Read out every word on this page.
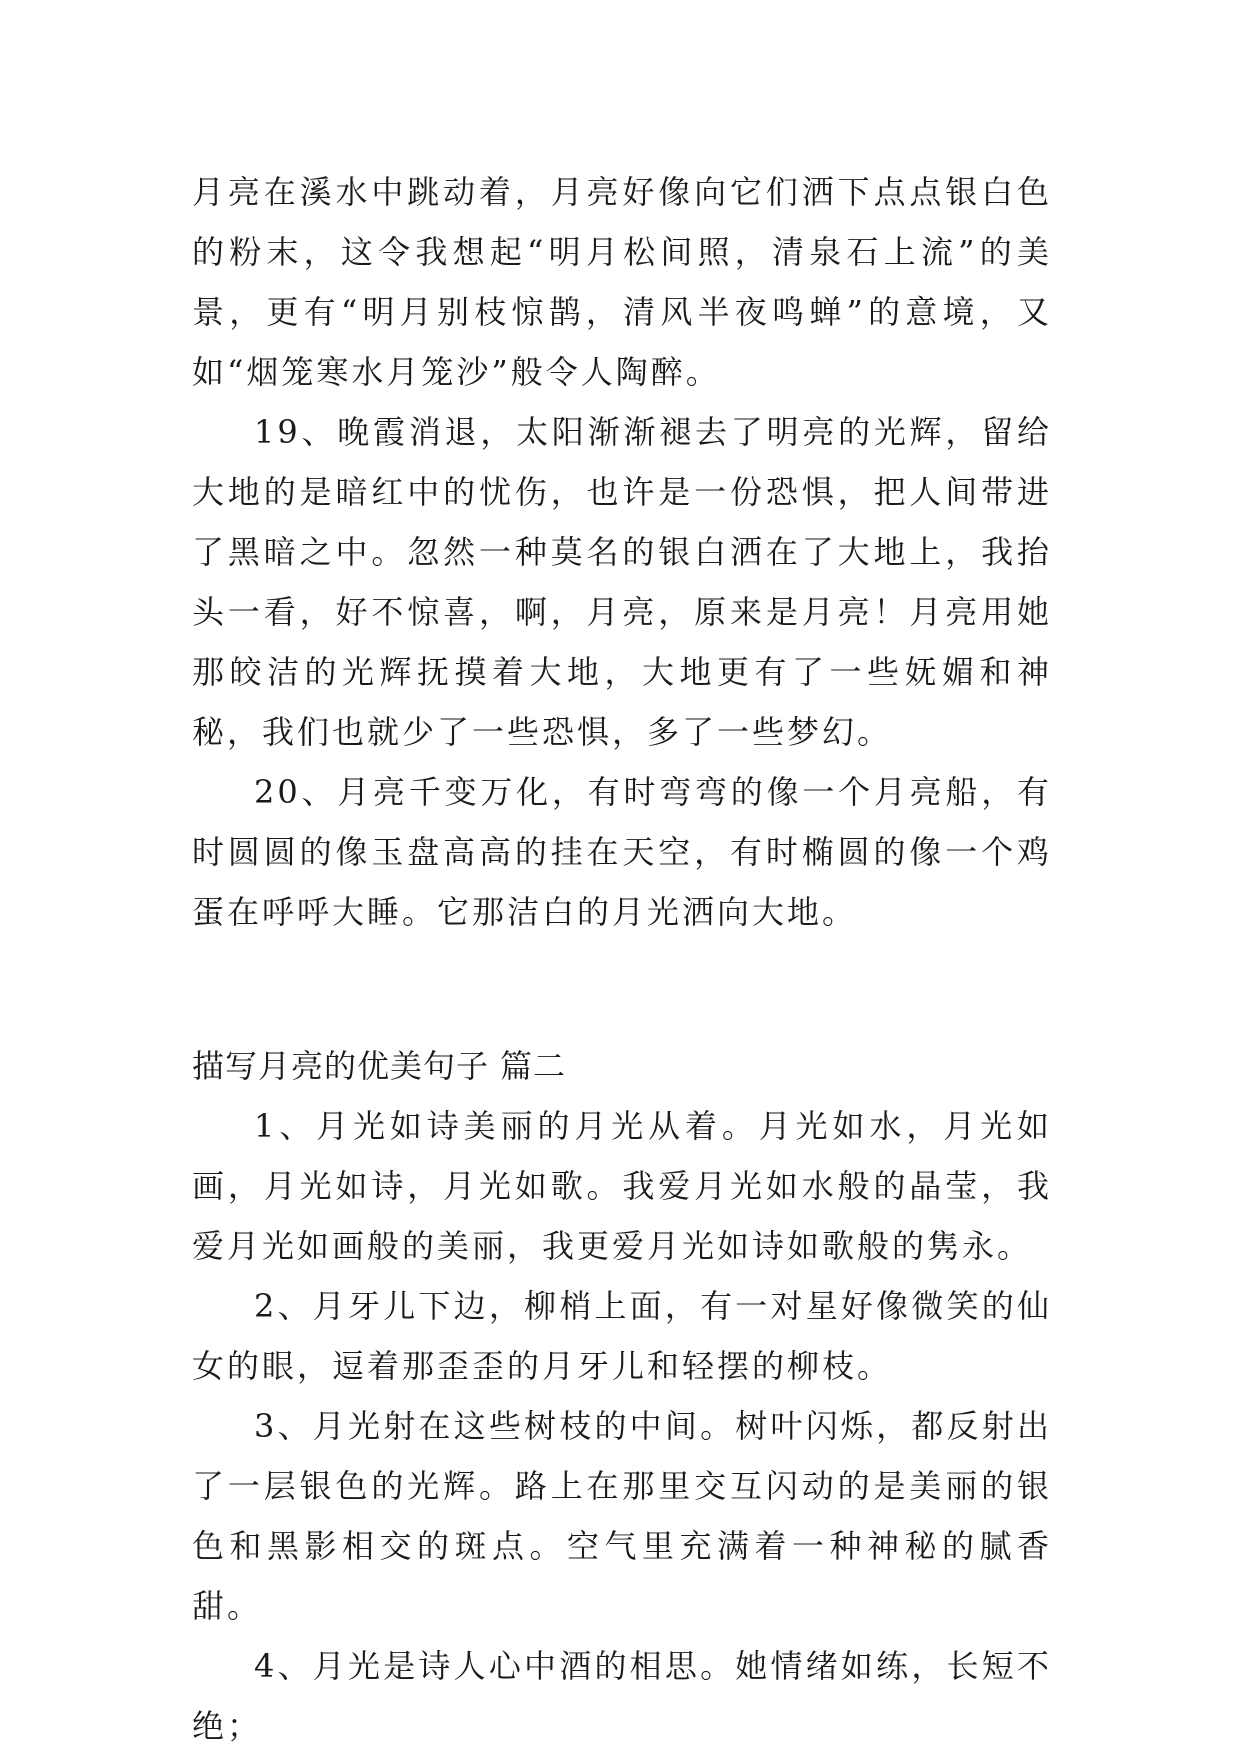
月亮在溪水中跳动着，月亮好像向它们洒下点点银白色的粉末，这令我想起“明月松间照，清泉石上流”的美景，更有“明月别枝惊鹊，清风半夜鸣蝉”的意境，又如“烟笼寒水月笼沙”般令人陶醉。

19、晚霞消退，太阳渐渐褪去了明亮的光辉，留给大地的是暗红中的忧伤，也许是一份恐惧，把人间带进了黑暗之中。忽然一种莫名的银白洒在了大地上，我抬头一看，好不惊喜，啊，月亮，原来是月亮！月亮用她那皎洁的光辉抚摸着大地，大地更有了一些妩媚和神秘，我们也就少了一些恐惧，多了一些梦幻。

20、月亮千变万化，有时弯弯的像一个月亮船，有时圆圆的像玉盘高高的挂在天空，有时椭圆的像一个鸡蛋在呼呼大睡。它那洁白的月光洒向大地。

描写月亮的优美句子 篇二

1、月光如诗美丽的月光从着。月光如水，月光如画，月光如诗，月光如歌。我爱月光如水般的晶莹，我爱月光如画般的美丽，我更爱月光如诗如歌般的隽永。

2、月牙儿下边，柳梢上面，有一对星好像微笑的仙女的眼，逗着那歪歪的月牙儿和轻摆的柳枝。

3、月光射在这些树枝的中间。树叶闪烁，都反射出了一层银色的光辉。路上在那里交互闪动的是美丽的银色和黑影相交的斑点。空气里充满着一种神秘的腻香甜。

4、月光是诗人心中酒的相思。她情绪如练，长短不绝；
